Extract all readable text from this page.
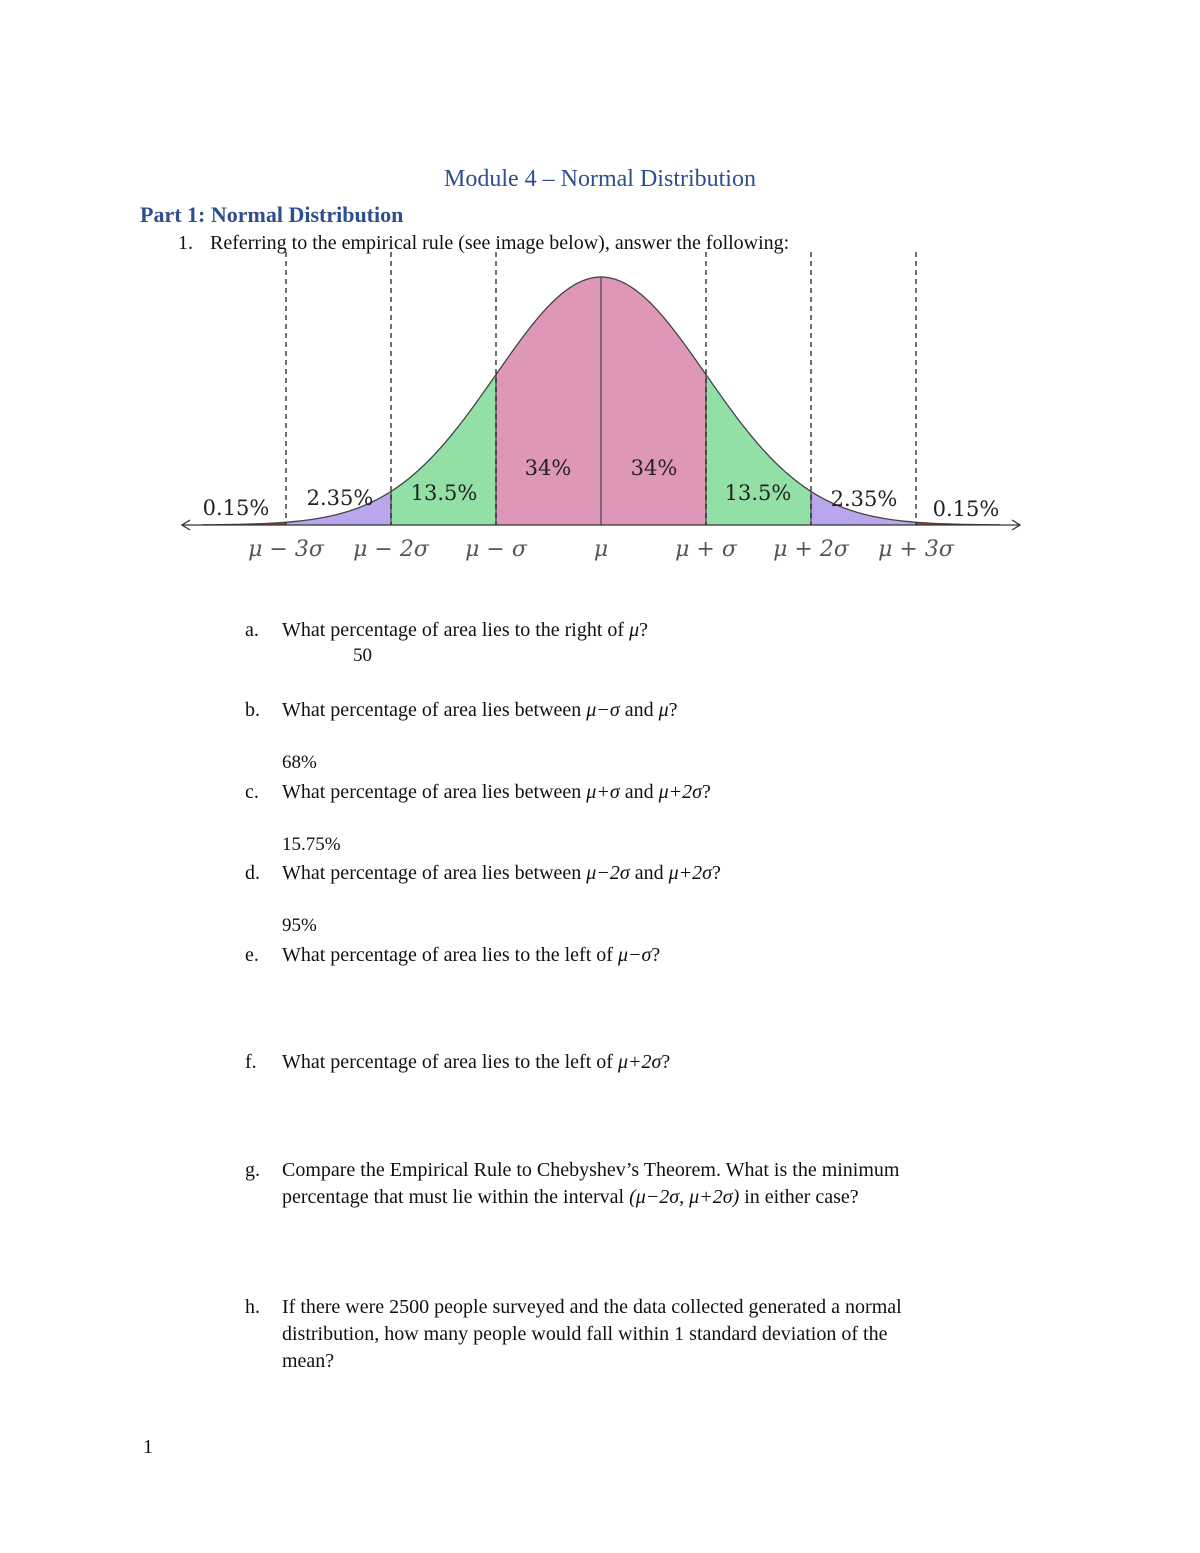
Module 4 – Normal Distribution
Part 1: Normal Distribution
1. Referring to the empirical rule (see image below), answer the following:
0.15% 2.35% 13.5%
34%	34%
13.5% 2.35% 0.15%
μ − 3σ μ − 2σ μ − σ	μ	μ + σ μ + 2σ μ + 3σ
a. What percentage of area lies to the right of μ?
50
b. What percentage of area lies between μ−σ and μ?
68%
c. What percentage of area lies between μ+σ and μ+2σ?
15.75%
d. What percentage of area lies between μ−2σ and μ+2σ?
95%
e. What percentage of area lies to the left of μ−σ?
f. What percentage of area lies to the left of μ+2σ?
g. Compare the Empirical Rule to Chebyshev’s Theorem. What is the minimum
percentage that must lie within the interval (μ−2σ, μ+2σ) in either case?
h. If there were 2500 people surveyed and the data collected generated a normal
distribution, how many people would fall within 1 standard deviation of the
mean?
1
